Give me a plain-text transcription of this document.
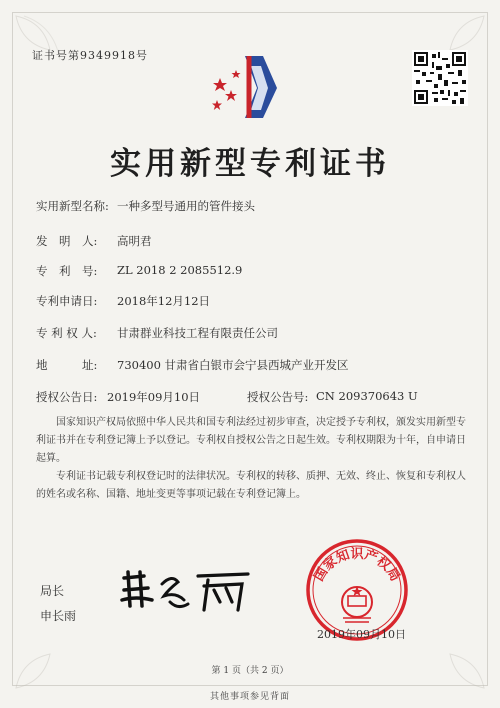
证书号第9349918号
实用新型专利证书
实用新型名称: 一种多型号通用的管件接头
发　明　人: 高明君
专　利　号: ZL 2018 2 2085512.9
专利申请日: 2018年12月12日
专 利 权 人: 甘肃群业科技工程有限责任公司
地　　　址: 730400 甘肃省白银市会宁县西城产业开发区
授权公告日: 2019年09月10日	授权公告号: CN 209370643 U
国家知识产权局依照中华人民共和国专利法经过初步审查，决定授予专利权，颁发实用新型专利证书并在专利登记簿上予以登记。专利权自授权公告之日起生效。专利权期限为十年，自申请日起算。
专利证书记载专利权登记时的法律状况。专利权的转移、质押、无效、终止、恢复和专利权人的姓名或名称、国籍、地址变更等事项记载在专利登记簿上。
局长
申长雨
国家知识产权局
2019年09月10日
第 1 页（共 2 页）
其他事项参见背面
